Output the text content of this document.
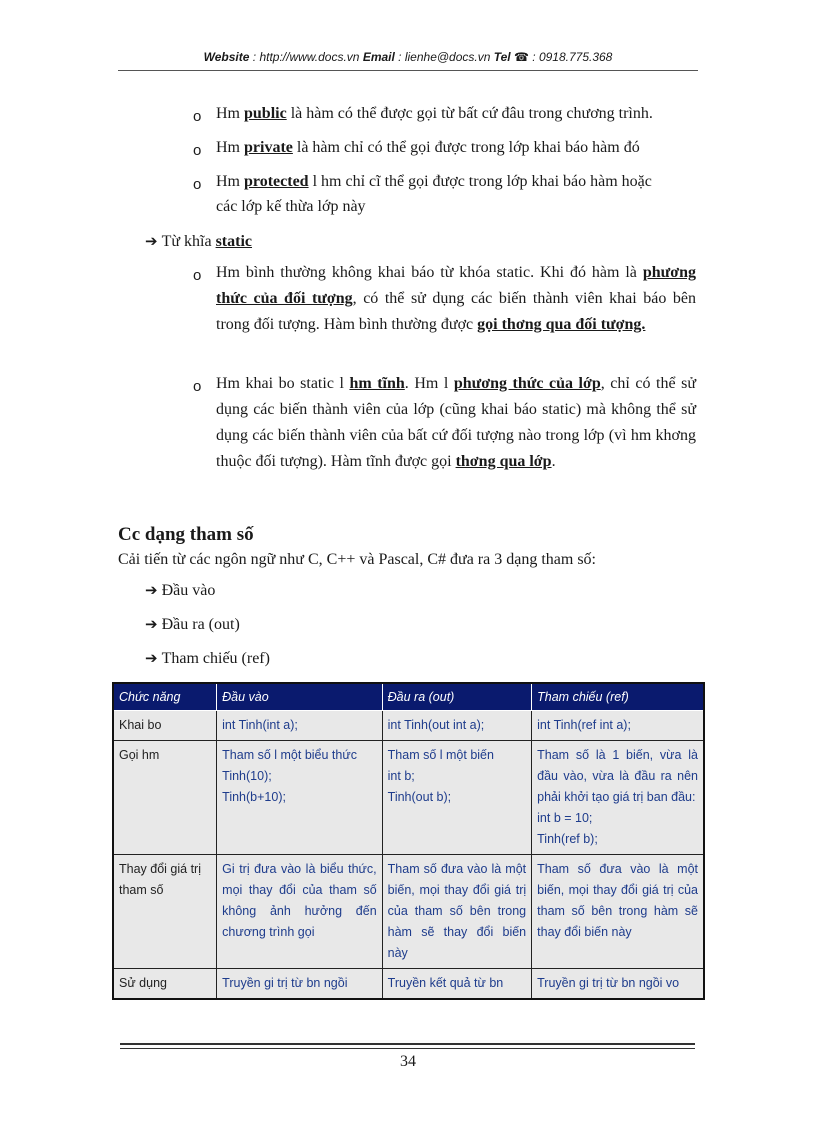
Website : http://www.docs.vn Email : lienhe@docs.vn Tel ☎ : 0918.775.368
o Hm public là hàm có thể được gọi từ bất cứ đâu trong chương trình.
o Hm private là hàm chỉ có thể gọi được trong lớp khai báo hàm đó
o Hm protected l hm chỉ cĩ thể gọi được trong lớp khai báo hàm hoặc
các lớp kế thừa lớp này
➔ Từ khĩa static
o Hm bình thường không khai báo từ khóa static. Khi đó hàm là phương thức của đối tượng, có thể sử dụng các biến thành viên khai báo bên trong đối tượng. Hàm bình thường được gọi thơng qua đối tượng.
o Hm khai bo static l hm tĩnh. Hm l phương thức của lớp, chỉ có thể sử dụng các biến thành viên của lớp (cũng khai báo static) mà không thể sử dụng các biến thành viên của bất cứ đối tượng nào trong lớp (vì hm khơng thuộc đối tượng). Hàm tĩnh được gọi thơng qua lớp.
Cc dạng tham số
Cải tiến từ các ngôn ngữ như C, C++ và Pascal, C# đưa ra 3 dạng tham số:
➔ Đầu vào
➔ Đầu ra (out)
➔ Tham chiếu (ref)
Chức năng	Đầu vào	Đầu ra (out)	Tham chiếu (ref)
Khai bo	int Tinh(int a);	int Tinh(out int a);	int Tinh(ref int a);
Gọi hm	Tham số l một biểu thức
Tinh(10);
Tinh(b+10);	Tham số l một biến
int b;
Tinh(out b);	Tham số là 1 biến, vừa là đầu vào, vừa là đầu ra nên phải khởi tạo giá trị ban đầu:
int b = 10;
Tinh(ref b);

Thay đổi giá trị tham số	Gi trị đưa vào là biểu thức, mọi thay đổi của tham số không ảnh hưởng đến chương trình gọi	Tham số đưa vào là một biến, mọi thay đổi giá trị của tham số bên trong hàm sẽ thay đổi biến này	Tham số đưa vào là một biến, mọi thay đổi giá trị của tham số bên trong hàm sẽ thay đổi biến này
Sử dụng	Truyền gi trị từ bn ngồi	Truyền kết quả từ bn	Truyền gi trị từ bn ngồi vo
34
